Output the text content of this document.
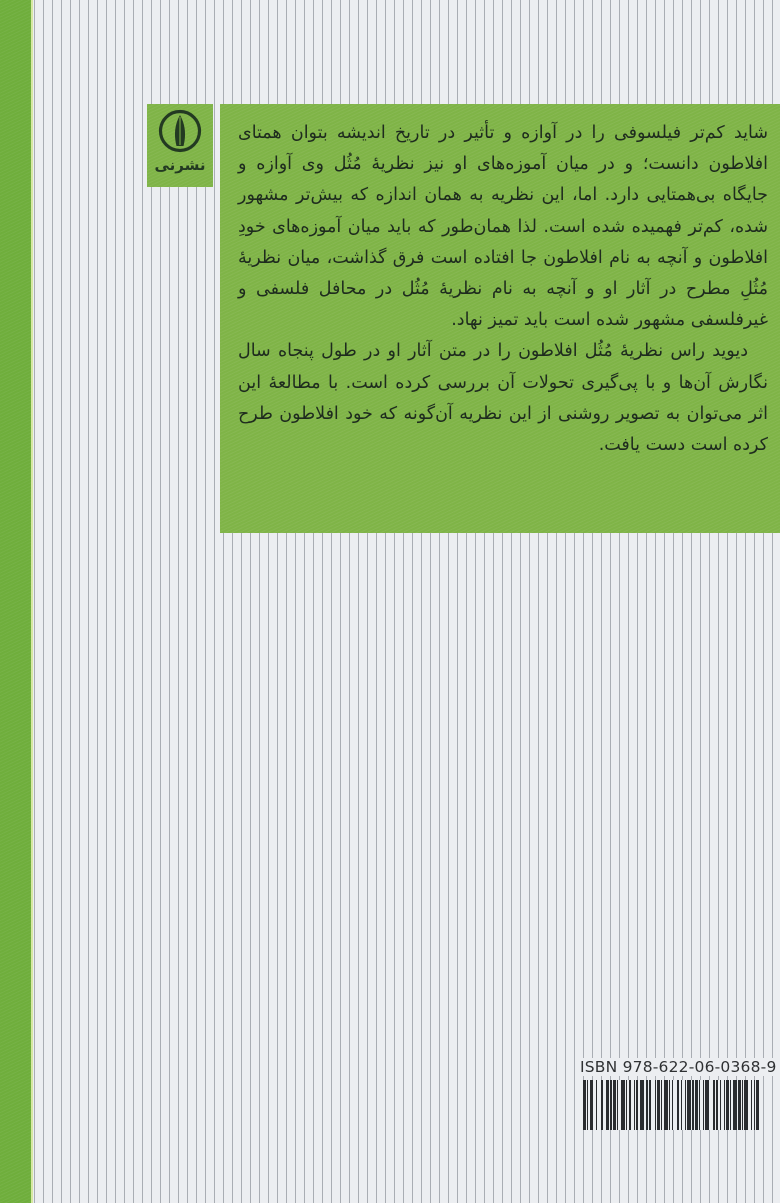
نشرنی

شاید کم‌تر فیلسوفی را در آوازه و تأثیر در تاریخ اندیشه بتوان همتای افلاطون دانست؛ و در میان آموزه‌های او نیز نظریهٔ مُثُل وی آوازه و جایگاه بی‌همتایی دارد. اما، این نظریه به همان اندازه که بیش‌تر مشهور شده، کم‌تر فهمیده شده است. لذا همان‌طور که باید میان آموزه‌های خودِ افلاطون و آنچه به نام افلاطون جا افتاده است فرق گذاشت، میان نظریهٔ مُثُلِ مطرح در آثار او و آنچه به نام نظریهٔ مُثُل در محافل فلسفی و غیرفلسفی مشهور شده است باید تمیز نهاد.

دیوید راس نظریهٔ مُثُل افلاطون را در متن آثار او در طول پنجاه سال نگارش آن‌ها و با پی‌گیری تحولات آن بررسی کرده است. با مطالعهٔ این اثر می‌توان به تصویر روشنی از این نظریه آن‌گونه که خود افلاطون طرح کرده است دست یافت.

ISBN 978-622-06-0368-9
